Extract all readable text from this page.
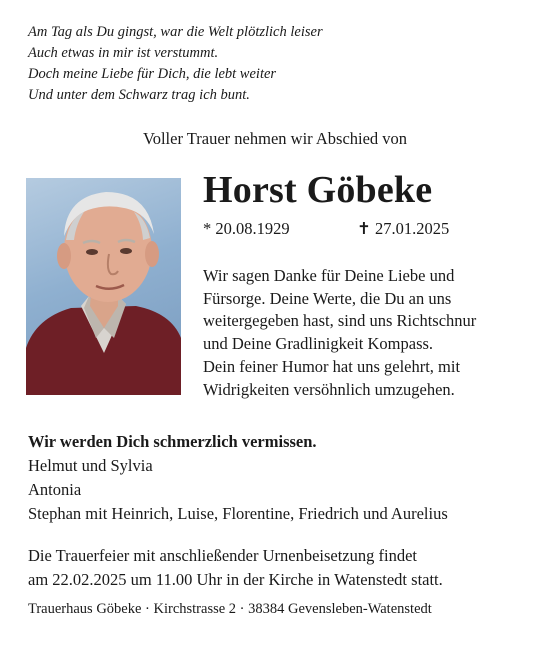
Am Tag als Du gingst, war die Welt plötzlich leiser
Auch etwas in mir ist verstummt.
Doch meine Liebe für Dich, die lebt weiter
Und unter dem Schwarz trag ich bunt.
Voller Trauer nehmen wir Abschied von
Horst Göbeke
* 20.08.1929	✝ 27.01.2025
Wir sagen Danke für Deine Liebe und
Fürsorge. Deine Werte, die Du an uns
weitergegeben hast, sind uns Richtschnur
und Deine Gradlinigkeit Kompass.
Dein feiner Humor hat uns gelehrt, mit
Widrigkeiten versöhnlich umzugehen.
Wir werden Dich schmerzlich vermissen.
Helmut und Sylvia
Antonia
Stephan mit Heinrich, Luise, Florentine, Friedrich und Aurelius
Die Trauerfeier mit anschließender Urnenbeisetzung findet
am 22.02.2025 um 11.00 Uhr in der Kirche in Watenstedt statt.
Trauerhaus Göbeke · Kirchstrasse 2 · 38384 Gevensleben-Watenstedt
